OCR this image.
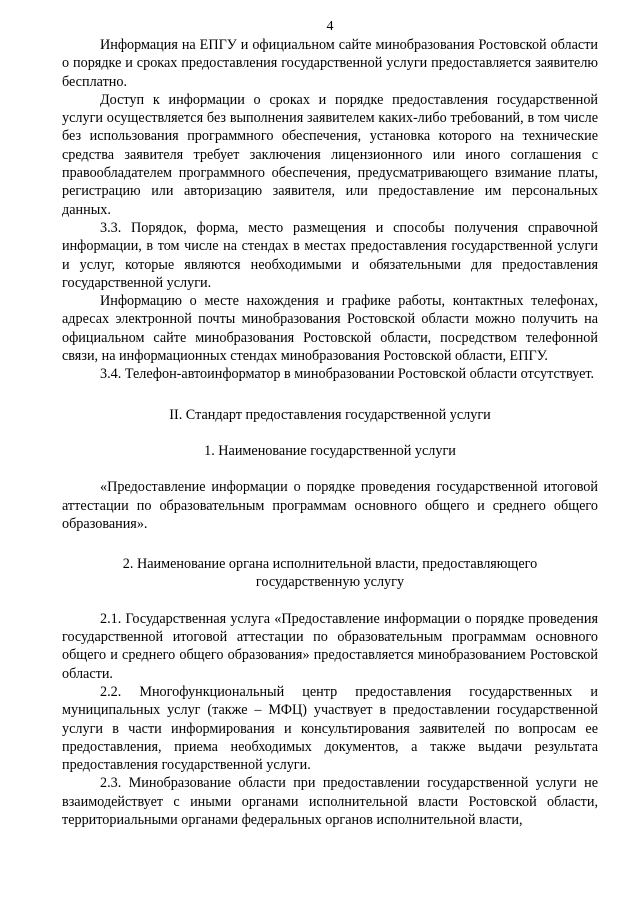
4

Информация на ЕПГУ и официальном сайте минобразования Ростовской области о порядке и сроках предоставления государственной услуги предоставляется заявителю бесплатно.

Доступ к информации о сроках и порядке предоставления государственной услуги осуществляется без выполнения заявителем каких-либо требований, в том числе без использования программного обеспечения, установка которого на технические средства заявителя требует заключения лицензионного или иного соглашения с правообладателем программного обеспечения, предусматривающего взимание платы, регистрацию или авторизацию заявителя, или предоставление им персональных данных.

3.3. Порядок, форма, место размещения и способы получения справочной информации, в том числе на стендах в местах предоставления государственной услуги и услуг, которые являются необходимыми и обязательными для предоставления государственной услуги.

Информацию о месте нахождения и графике работы, контактных телефонах, адресах электронной почты минобразования Ростовской области можно получить на официальном сайте минобразования Ростовской области, посредством телефонной связи, на информационных стендах минобразования Ростовской области, ЕПГУ.

3.4. Телефон-автоинформатор в минобразовании Ростовской области отсутствует.

II. Стандарт предоставления государственной услуги

1. Наименование государственной услуги

«Предоставление информации о порядке проведения государственной итоговой аттестации по образовательным программам основного общего и среднего общего образования».

2. Наименование органа исполнительной власти, предоставляющего

государственную услугу

2.1. Государственная услуга «Предоставление информации о порядке проведения государственной итоговой аттестации по образовательным программам основного общего и среднего общего образования» предоставляется минобразованием Ростовской области.

2.2. Многофункциональный центр предоставления государственных и муниципальных услуг (также – МФЦ) участвует в предоставлении государственной услуги в части информирования и консультирования заявителей по вопросам ее предоставления, приема необходимых документов, а также выдачи результата предоставления государственной услуги.

2.3. Минобразование области при предоставлении государственной услуги не взаимодействует с иными органами исполнительной власти Ростовской области, территориальными органами федеральных органов исполнительной власти,
